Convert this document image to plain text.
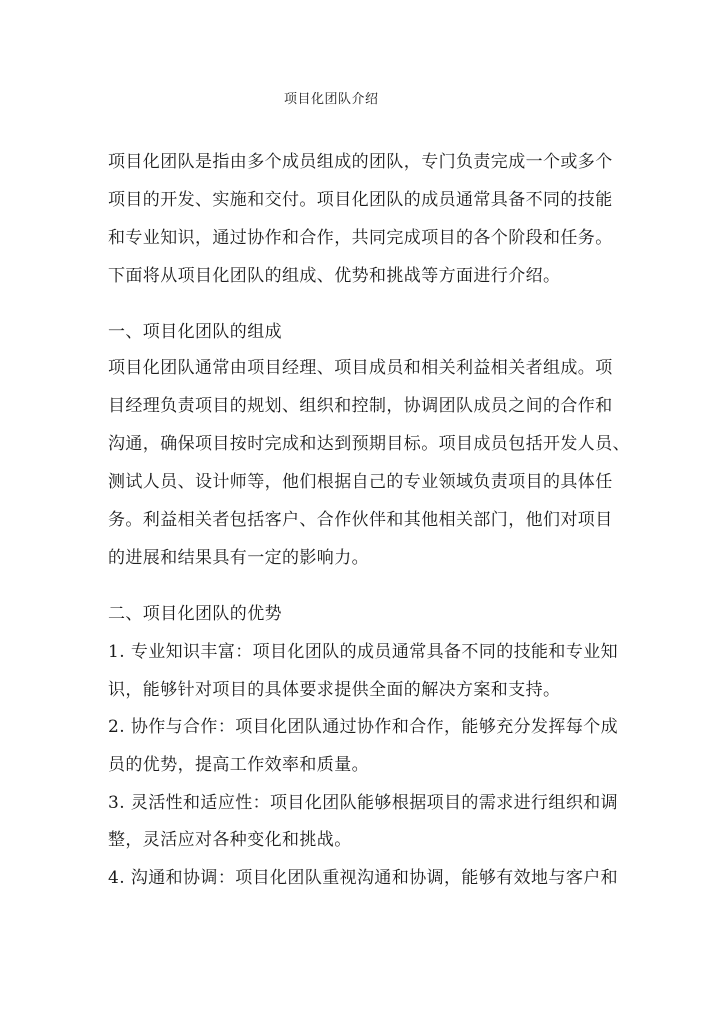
项目化团队介绍
项目化团队是指由多个成员组成的团队，专门负责完成一个或多个
项目的开发、实施和交付。项目化团队的成员通常具备不同的技能
和专业知识，通过协作和合作，共同完成项目的各个阶段和任务。
下面将从项目化团队的组成、优势和挑战等方面进行介绍。
一、项目化团队的组成
项目化团队通常由项目经理、项目成员和相关利益相关者组成。项
目经理负责项目的规划、组织和控制，协调团队成员之间的合作和
沟通，确保项目按时完成和达到预期目标。项目成员包括开发人员、
测试人员、设计师等，他们根据自己的专业领域负责项目的具体任
务。利益相关者包括客户、合作伙伴和其他相关部门，他们对项目
的进展和结果具有一定的影响力。
二、项目化团队的优势
1. 专业知识丰富：项目化团队的成员通常具备不同的技能和专业知
识，能够针对项目的具体要求提供全面的解决方案和支持。
2. 协作与合作：项目化团队通过协作和合作，能够充分发挥每个成
员的优势，提高工作效率和质量。
3. 灵活性和适应性：项目化团队能够根据项目的需求进行组织和调
整，灵活应对各种变化和挑战。
4. 沟通和协调：项目化团队重视沟通和协调，能够有效地与客户和
